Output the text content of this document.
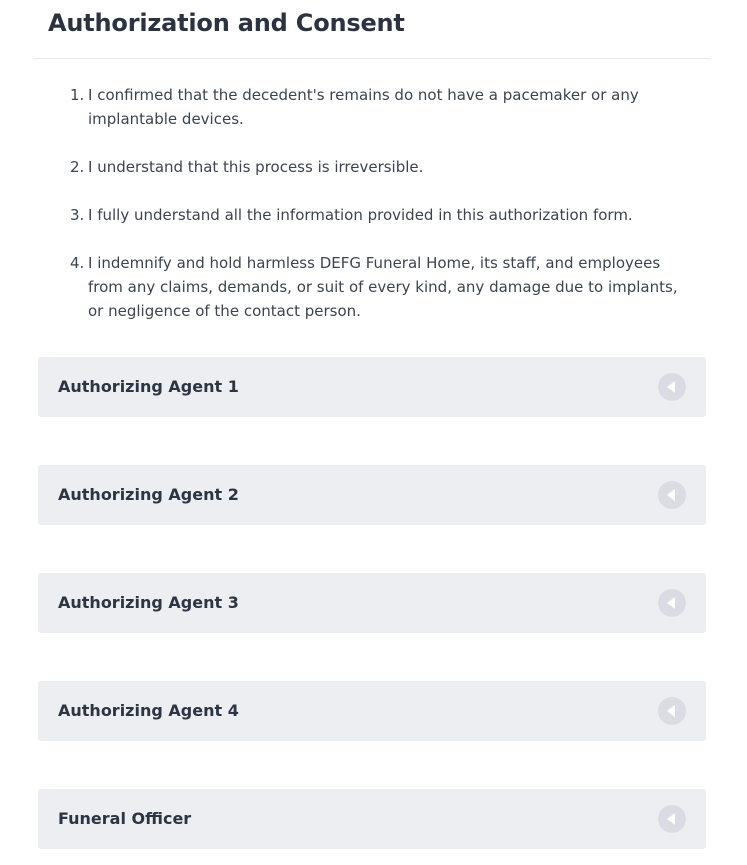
Authorization and Consent
1. I confirmed that the decedent's remains do not have a pacemaker or any implantable devices.
2. I understand that this process is irreversible.
3. I fully understand all the information provided in this authorization form.
4. I indemnify and hold harmless DEFG Funeral Home, its staff, and employees from any claims, demands, or suit of every kind, any damage due to implants, or negligence of the contact person.
Authorizing Agent 1
Authorizing Agent 2
Authorizing Agent 3
Authorizing Agent 4
Funeral Officer
